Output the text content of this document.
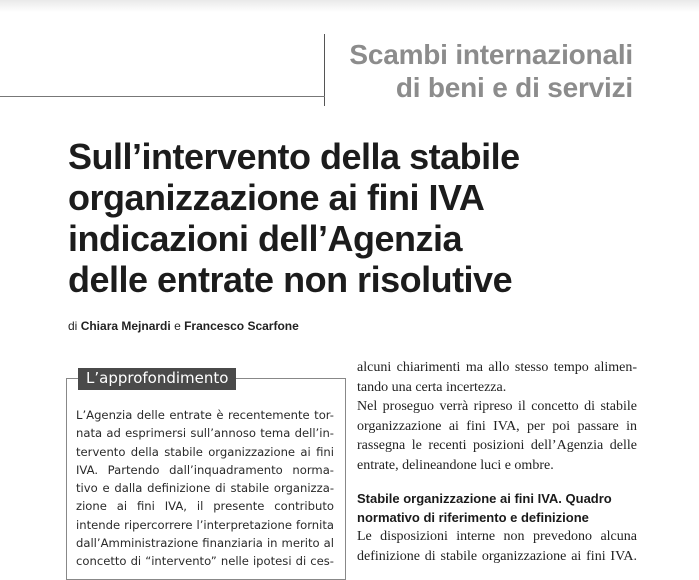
Scambi internazionali
di beni e di servizi
Sull’intervento della stabile
organizzazione ai fini IVA
indicazioni dell’Agenzia
delle entrate non risolutive
di Chiara Mejnardi e Francesco Scarfone
L’approfondimento
L’Agenzia delle entrate è recentemente tor-
nata ad esprimersi sull’annoso tema dell’in-
tervento della stabile organizzazione ai fini
IVA. Partendo dall’inquadramento norma-
tivo e dalla definizione di stabile organizza-
zione ai fini IVA, il presente contributo
intende ripercorrere l’interpretazione fornita
dall’Amministrazione finanziaria in merito al
concetto di “intervento” nelle ipotesi di ces-
alcuni chiarimenti ma allo stesso tempo alimen-
tando una certa incertezza.
Nel proseguo verrà ripreso il concetto di stabile
organizzazione ai fini IVA, per poi passare in
rassegna le recenti posizioni dell’Agenzia delle
entrate, delineandone luci e ombre.
Stabile organizzazione ai fini IVA. Quadro
normativo di riferimento e definizione
Le disposizioni interne non prevedono alcuna
definizione di stabile organizzazione ai fini IVA.
